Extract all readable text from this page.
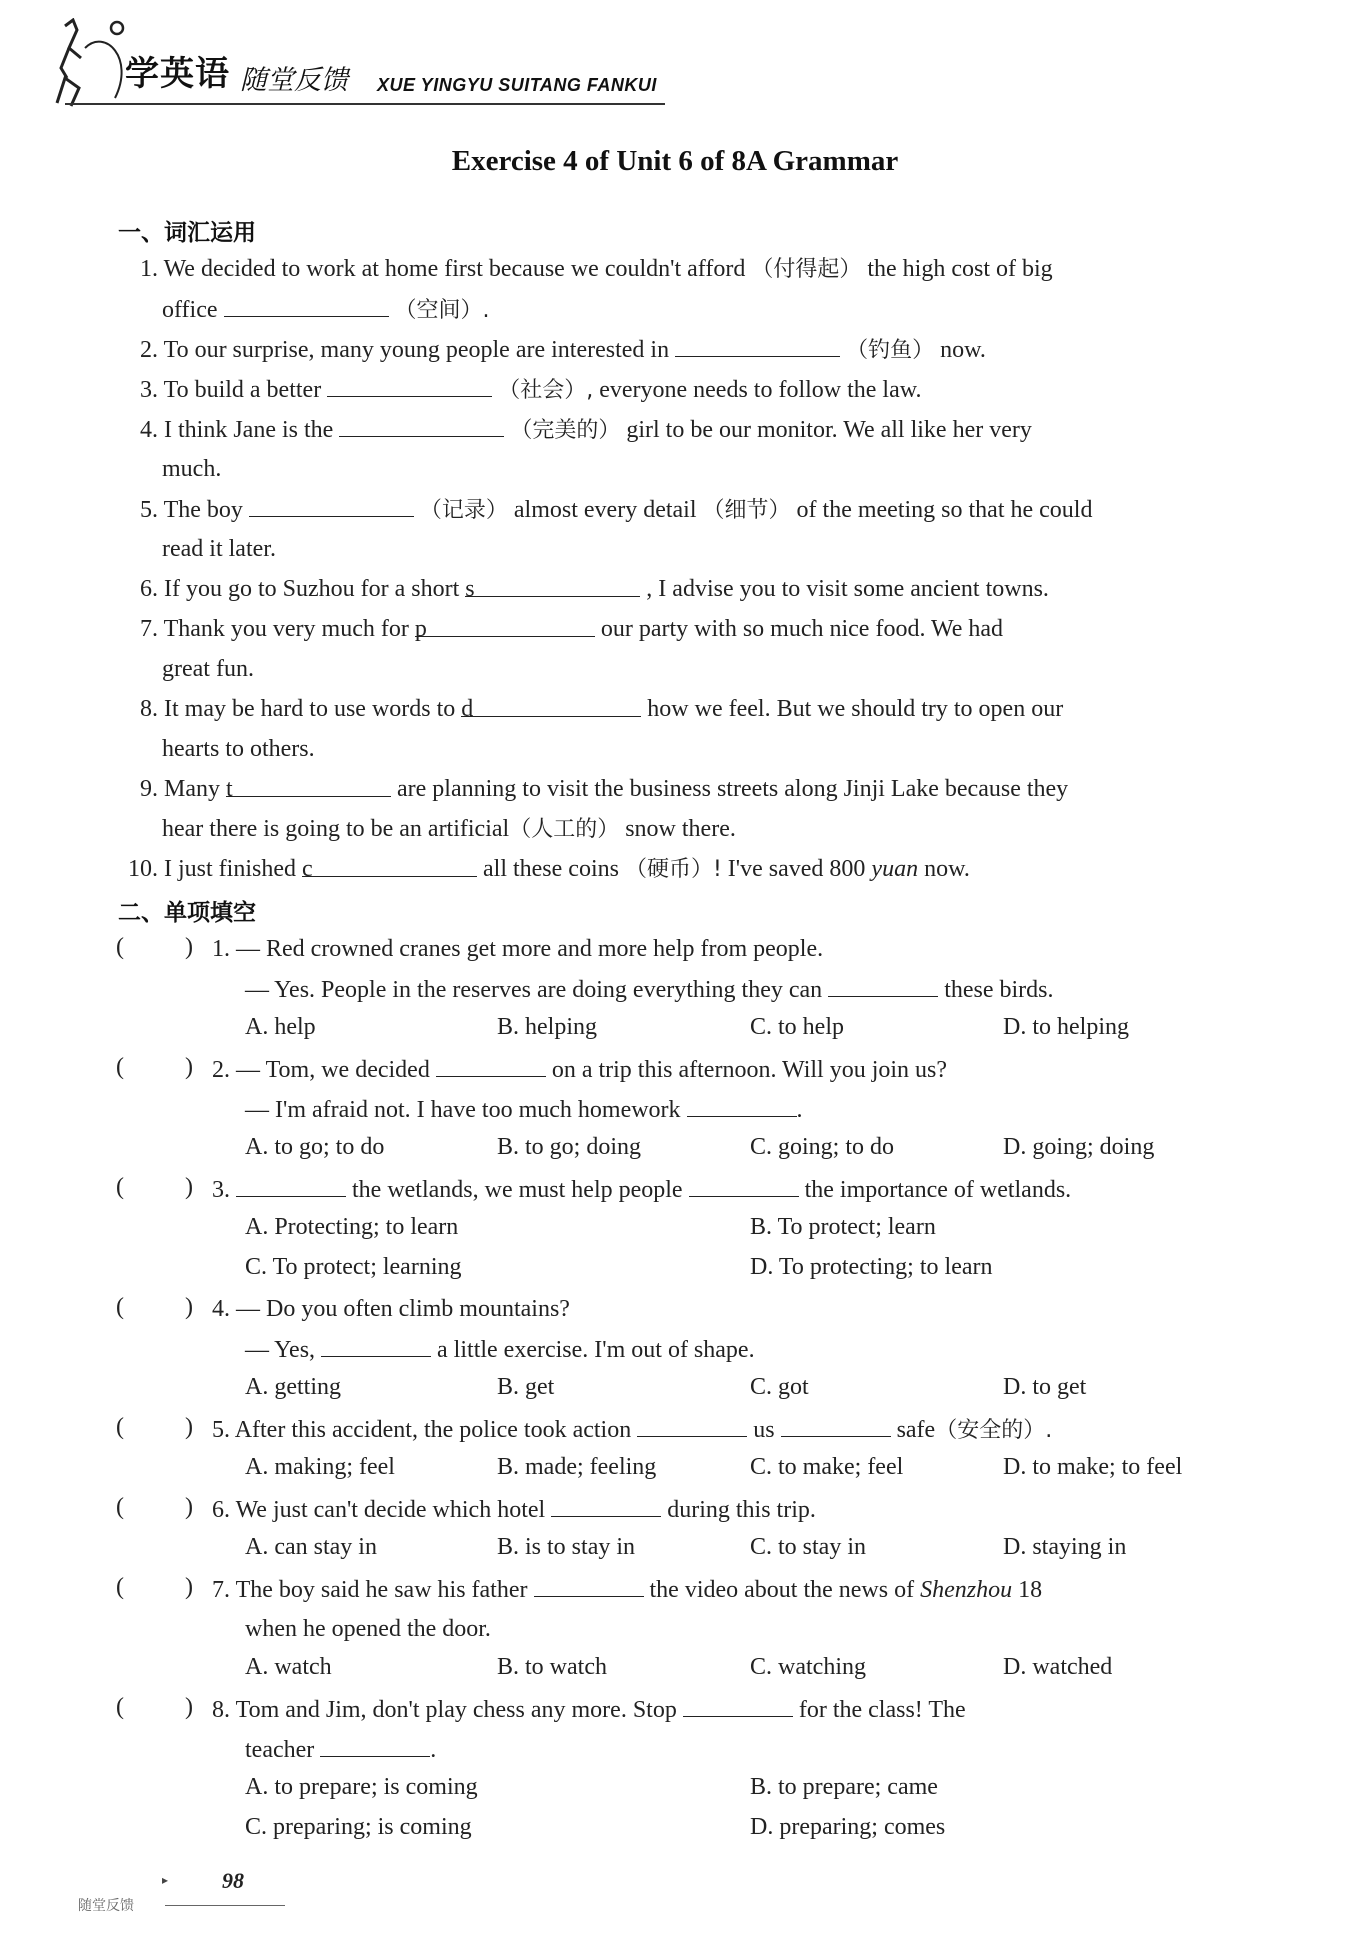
学英语 随堂反馈 XUE YINGYU SUITANG FANKUI
Exercise 4 of Unit 6 of 8A Grammar
一、词汇运用
1. We decided to work at home first because we couldn't afford （付得起） the high cost of big
office	（空间）.
2. To our surprise, many young people are interested in	（钓鱼） now.
3. To build a better	（社会）, everyone needs to follow the law.
4. I think Jane is the	（完美的） girl to be our monitor. We all like her very
much.
5. The boy	（记录） almost every detail （细节） of the meeting so that he could
read it later.
6. If you go to Suzhou for a short s	, I advise you to visit some ancient towns.
7. Thank you very much for p	our party with so much nice food. We had
great fun.
8. It may be hard to use words to d	how we feel. But we should try to open our
hearts to others.
9. Many t	are planning to visit the business streets along Jinji Lake because they
hear there is going to be an artificial（人工的） snow there.
10. I just finished c	all these coins （硬币）! I've saved 800 yuan now.
二、单项填空
(	) 1. — Red crowned cranes get more and more help from people.
— Yes. People in the reserves are doing everything they can	these birds.
A. help	B. helping	C. to help	D. to helping
(	) 2. — Tom, we decided	on a trip this afternoon. Will you join us?
— I'm afraid not. I have too much homework	.
A. to go; to do	B. to go; doing	C. going; to do	D. going; doing
(	) 3.	the wetlands, we must help people	the importance of wetlands.
A. Protecting; to learn	B. To protect; learn
C. To protect; learning	D. To protecting; to learn
(	) 4. — Do you often climb mountains?
— Yes,	a little exercise. I'm out of shape.
A. getting	B. get	C. got	D. to get
(	) 5. After this accident, the police took action	us	safe（安全的）.
A. making; feel	B. made; feeling	C. to make; feel	D. to make; to feel
(	) 6. We just can't decide which hotel	during this trip.
A. can stay in	B. is to stay in	C. to stay in	D. staying in
(	) 7. The boy said he saw his father	the video about the news of Shenzhou 18
when he opened the door.
A. watch	B. to watch	C. watching	D. watched
(	) 8. Tom and Jim, don't play chess any more. Stop	for the class! The
teacher	.
A. to prepare; is coming	B. to prepare; came
C. preparing; is coming	D. preparing; comes
▸ 98
随堂反馈
